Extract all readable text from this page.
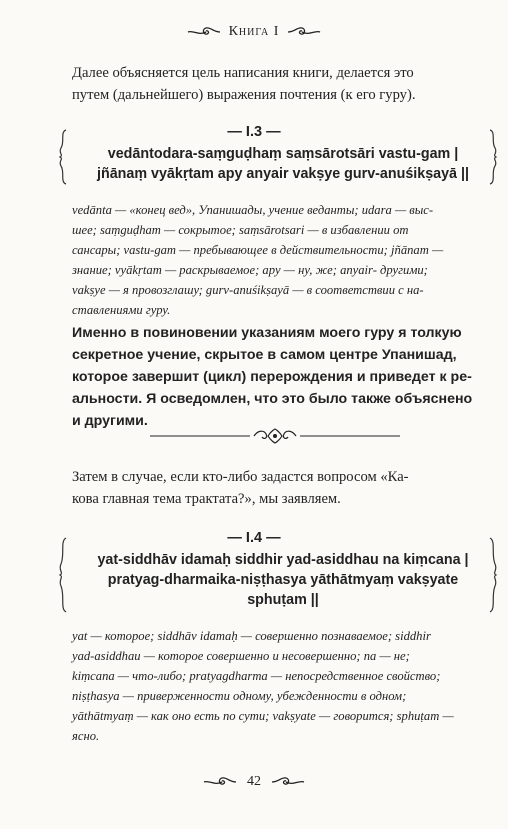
Книга I
Далее объясняется цель написания книги, делается это
путем (дальнейшего) выражения почтения (к его гуру).
— I.3 —
vedāntodara-saṃguḍhaṃ saṃsārotsāri vastu-gam |
jñānaṃ vyākṛtam apy anyair vakṣye gurv-anuśikṣayā ||
vedānta — «конец вед», Упанишады, учение веданты; udara — выс-
шее; saṃguḍham — сокрытое; saṃsārotsari — в избавлении от
сансары; vastu-gam — пребывающее в действительности; jñānam —
знание; vyākṛtam — раскрываемое; apy — ну, же; anyair- другими;
vakṣye — я провозглашу; gurv-anuśikṣayā — в соответствии с на-
ставлениями гуру.
Именно в повиновении указаниям моего гуру я толкую
секретное учение, скрытое в самом центре Упанишад,
которое завершит (цикл) перерождения и приведет к ре-
альности. Я осведомлен, что это было также объяснено
и другими.
Затем в случае, если кто-либо задастся вопросом «Ка-
кова главная тема трактата?», мы заявляем.
— I.4 —
yat-siddhāv idamaḥ siddhir yad-asiddhau na kiṃcana |
pratyag-dharmaika-niṣṭhasya yāthātmyaṃ vakṣyate
sphuṭam ||
yat — которое; siddhāv idamaḥ — совершенно познаваемое; siddhir
yad-asiddhau — которое совершенно и несовершенно; na — не;
kiṃcana — что-либо; pratyagdharma — непосредственное свойство;
niṣṭhasya — приверженности одному, убежденности в одном;
yāthātmyaṃ — как оно есть по сути; vakṣyate — говорится; sphuṭam —
ясно.
42
